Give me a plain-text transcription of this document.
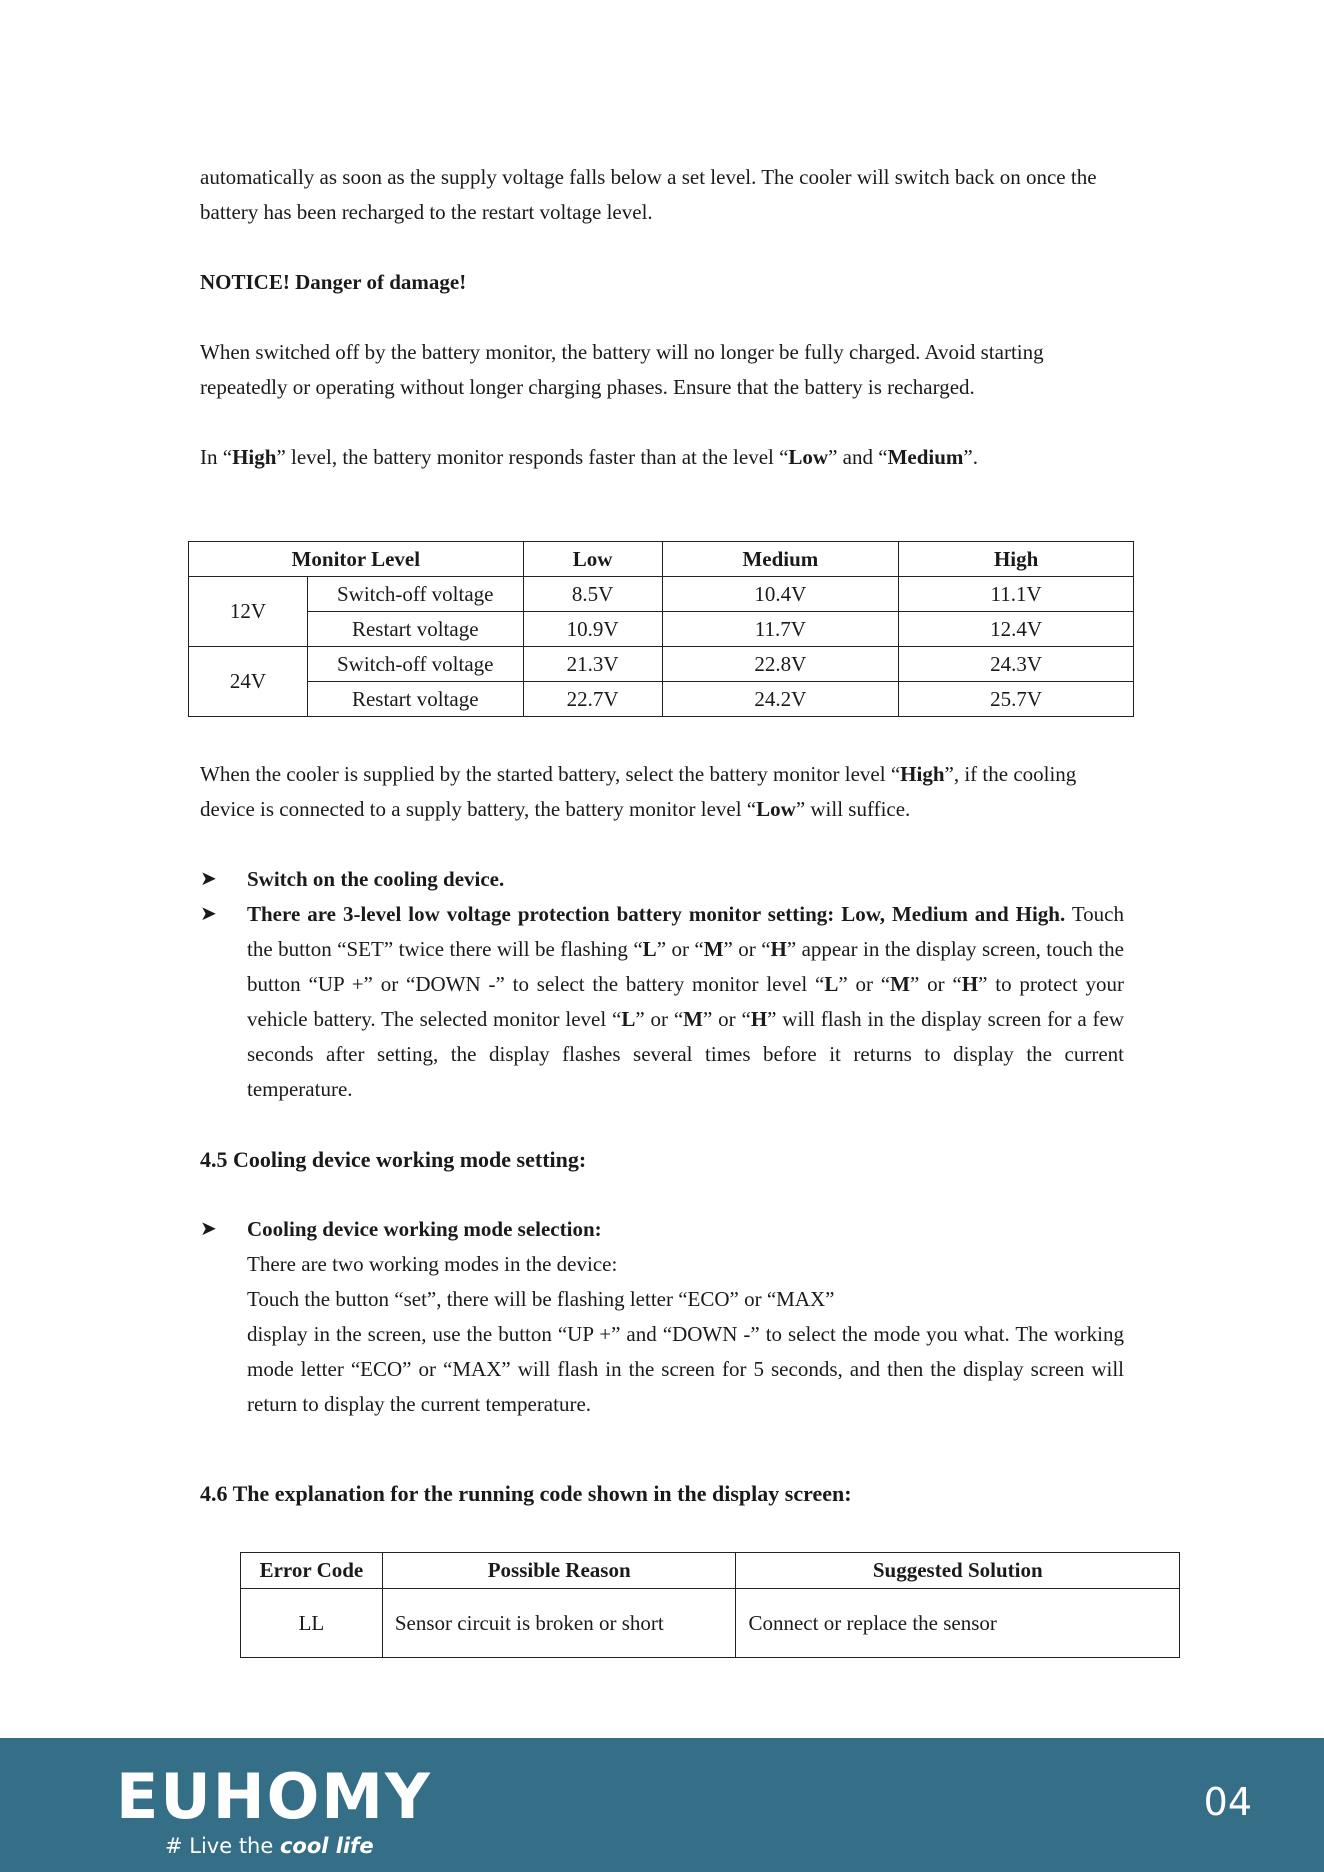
automatically as soon as the supply voltage falls below a set level. The cooler will switch back on once the battery has been recharged to the restart voltage level.

NOTICE! Danger of damage!

When switched off by the battery monitor, the battery will no longer be fully charged. Avoid starting repeatedly or operating without longer charging phases. Ensure that the battery is recharged.

In “High” level, the battery monitor responds faster than at the level “Low” and “Medium”.

Monitor Level		Low	Medium	High
12V	Switch-off voltage	8.5V	10.4V	11.1V
	Restart voltage	10.9V	11.7V	12.4V
24V	Switch-off voltage	21.3V	22.8V	24.3V
	Restart voltage	22.7V	24.2V	25.7V

When the cooler is supplied by the started battery, select the battery monitor level “High”, if the cooling device is connected to a supply battery, the battery monitor level “Low” will suffice.

➤	Switch on the cooling device.
➤	There are 3-level low voltage protection battery monitor setting: Low, Medium and High. Touch the button “SET” twice there will be flashing “L” or “M” or “H” appear in the display screen, touch the button “UP +” or “DOWN -” to select the battery monitor level “L” or “M” or “H” to protect your vehicle battery. The selected monitor level “L” or “M” or “H” will flash in the display screen for a few seconds after setting, the display flashes several times before it returns to display the current temperature.

4.5 Cooling device working mode setting:

➤	Cooling device working mode selection:
There are two working modes in the device:
Touch the button “set”, there will be flashing letter “ECO” or “MAX”
display in the screen, use the button “UP +” and “DOWN -” to select the mode you what. The working mode letter “ECO” or “MAX” will flash in the screen for 5 seconds, and then the display screen will return to display the current temperature.

4.6 The explanation for the running code shown in the display screen:

Error Code	Possible Reason	Suggested Solution
LL	Sensor circuit is broken or short	Connect or replace the sensor
EUHOMY
# Live the cool life
04
